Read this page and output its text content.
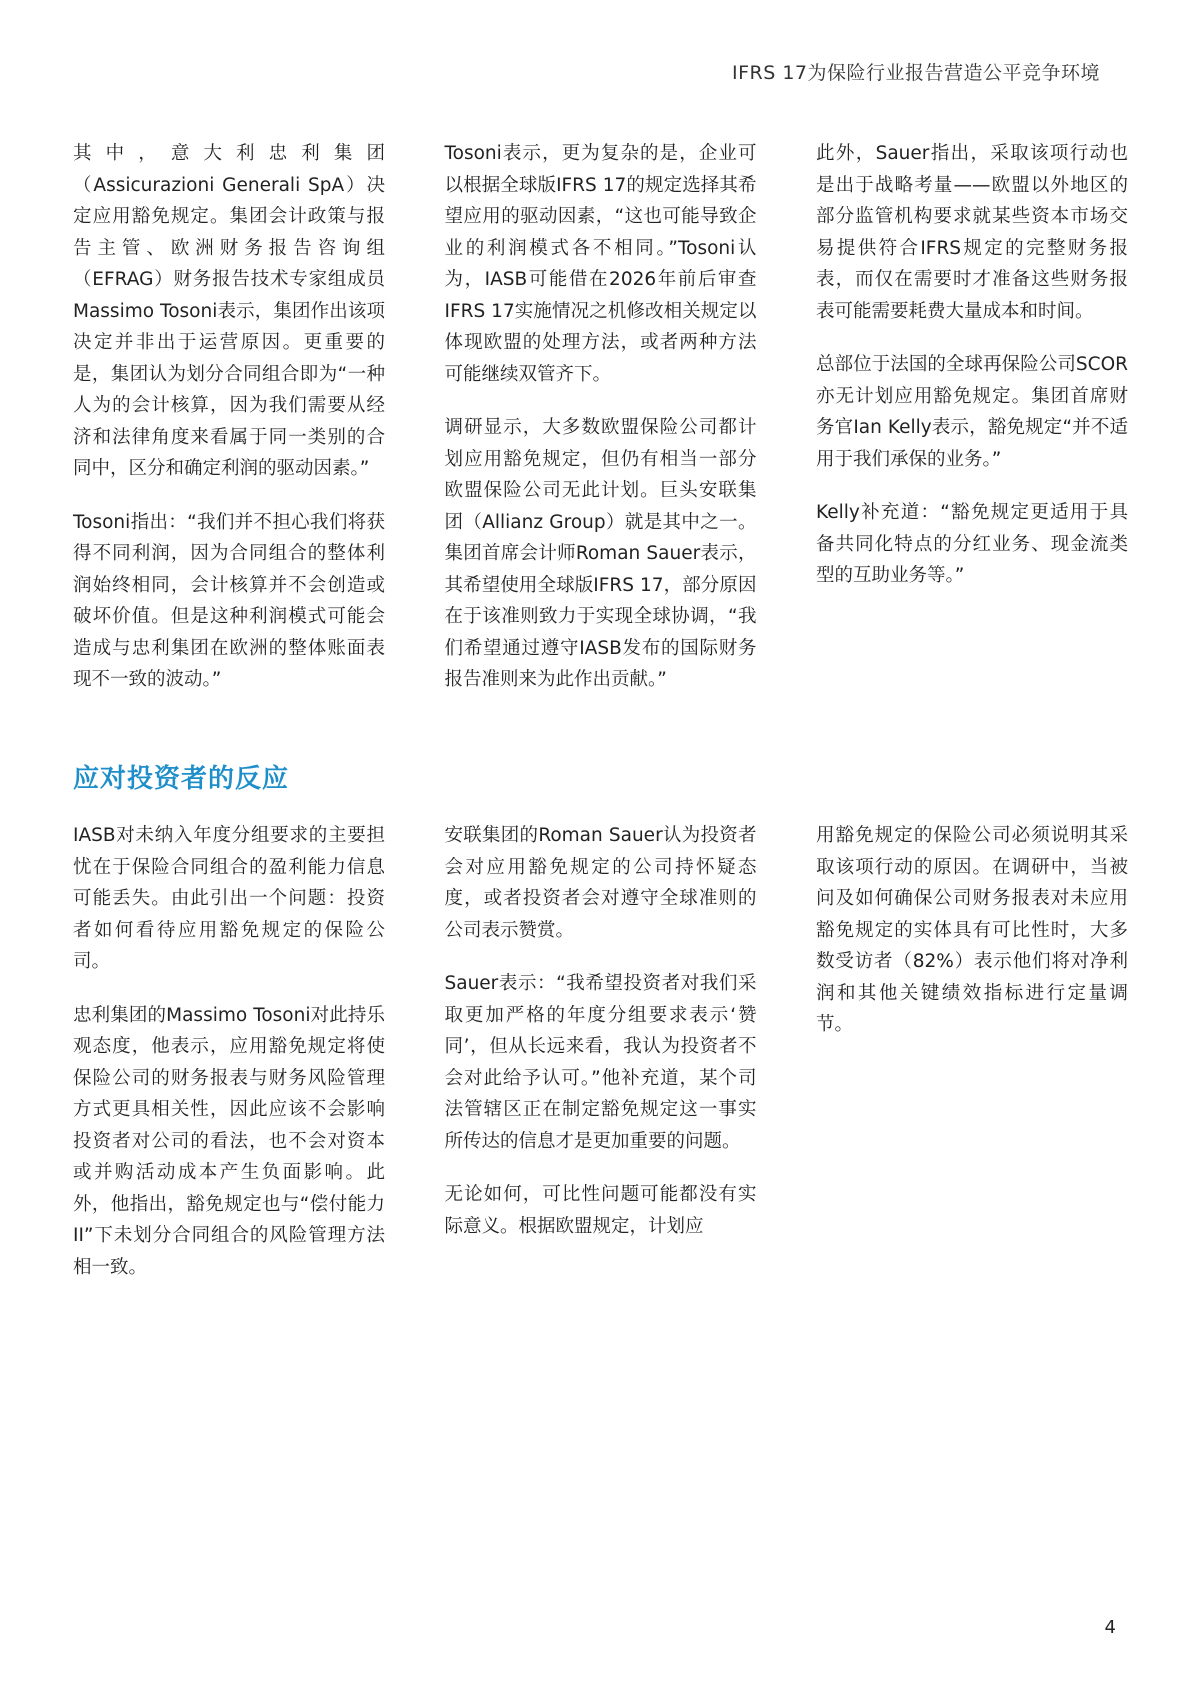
IFRS 17为保险行业报告营造公平竞争环境

其中，意大利忠利集团（Assicurazioni Generali SpA）决定应用豁免规定。集团会计政策与报告主管、欧洲财务报告咨询组（EFRAG）财务报告技术专家组成员Massimo Tosoni表示，集团作出该项决定并非出于运营原因。更重要的是，集团认为划分合同组合即为“一种人为的会计核算，因为我们需要从经济和法律角度来看属于同一类别的合同中，区分和确定利润的驱动因素。”

Tosoni指出：“我们并不担心我们将获得不同利润，因为合同组合的整体利润始终相同，会计核算并不会创造或破坏价值。但是这种利润模式可能会造成与忠利集团在欧洲的整体账面表现不一致的波动。”

Tosoni表示，更为复杂的是，企业可以根据全球版IFRS 17的规定选择其希望应用的驱动因素，“这也可能导致企业的利润模式各不相同。”Tosoni认为，IASB可能借在2026年前后审查IFRS 17实施情况之机修改相关规定以体现欧盟的处理方法，或者两种方法可能继续双管齐下。

调研显示，大多数欧盟保险公司都计划应用豁免规定，但仍有相当一部分欧盟保险公司无此计划。巨头安联集团（Allianz Group）就是其中之一。集团首席会计师Roman Sauer表示，其希望使用全球版IFRS 17，部分原因在于该准则致力于实现全球协调，“我们希望通过遵守IASB发布的国际财务报告准则来为此作出贡献。”

此外，Sauer指出，采取该项行动也是出于战略考量——欧盟以外地区的部分监管机构要求就某些资本市场交易提供符合IFRS规定的完整财务报表，而仅在需要时才准备这些财务报表可能需要耗费大量成本和时间。

总部位于法国的全球再保险公司SCOR亦无计划应用豁免规定。集团首席财务官Ian Kelly表示，豁免规定“并不适用于我们承保的业务。”

Kelly补充道：“豁免规定更适用于具备共同化特点的分红业务、现金流类型的互助业务等。”

应对投资者的反应

IASB对未纳入年度分组要求的主要担忧在于保险合同组合的盈利能力信息可能丢失。由此引出一个问题：投资者如何看待应用豁免规定的保险公司。

忠利集团的Massimo Tosoni对此持乐观态度，他表示，应用豁免规定将使保险公司的财务报表与财务风险管理方式更具相关性，因此应该不会影响投资者对公司的看法，也不会对资本或并购活动成本产生负面影响。此外，他指出，豁免规定也与“偿付能力II”下未划分合同组合的风险管理方法相一致。

安联集团的Roman Sauer认为投资者会对应用豁免规定的公司持怀疑态度，或者投资者会对遵守全球准则的公司表示赞赏。

Sauer表示：“我希望投资者对我们采取更加严格的年度分组要求表示‘赞同’，但从长远来看，我认为投资者不会对此给予认可。”他补充道，某个司法管辖区正在制定豁免规定这一事实所传达的信息才是更加重要的问题。

无论如何，可比性问题可能都没有实际意义。根据欧盟规定，计划应

用豁免规定的保险公司必须说明其采取该项行动的原因。在调研中，当被问及如何确保公司财务报表对未应用豁免规定的实体具有可比性时，大多数受访者（82%）表示他们将对净利润和其他关键绩效指标进行定量调节。

4
